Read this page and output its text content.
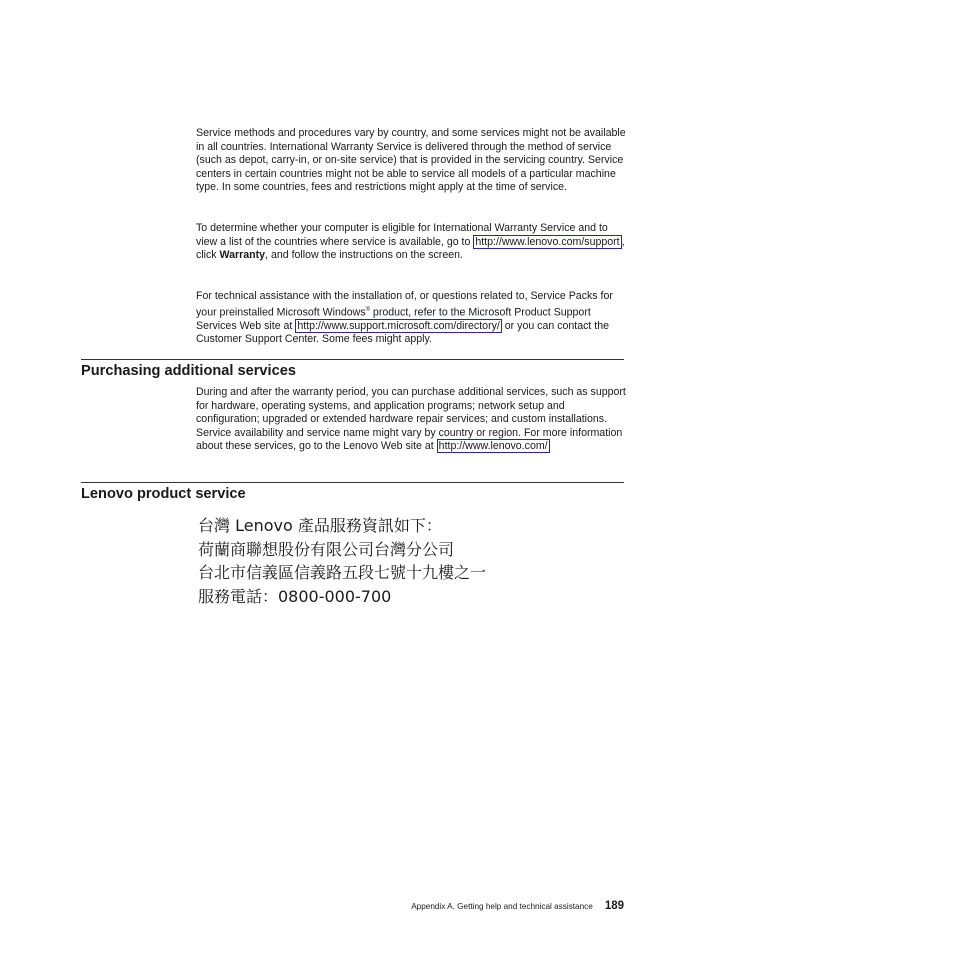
Service methods and procedures vary by country, and some services might not be available in all countries. International Warranty Service is delivered through the method of service (such as depot, carry-in, or on-site service) that is provided in the servicing country. Service centers in certain countries might not be able to service all models of a particular machine type. In some countries, fees and restrictions might apply at the time of service.

To determine whether your computer is eligible for International Warranty Service and to view a list of the countries where service is available, go to http://www.lenovo.com/support , click Warranty, and follow the instructions on the screen.

For technical assistance with the installation of, or questions related to, Service Packs for your preinstalled Microsoft Windows® product, refer to the Microsoft Product Support Services Web site at http://www.support.microsoft.com/directory/ or you can contact the Customer Support Center. Some fees might apply.

Purchasing additional services

During and after the warranty period, you can purchase additional services, such as support for hardware, operating systems, and application programs; network setup and configuration; upgraded or extended hardware repair services; and custom installations. Service availability and service name might vary by country or region. For more information about these services, go to the Lenovo Web site at http://www.lenovo.com/

Lenovo product service
台灣 Lenovo 產品服務資訊如下：
荷蘭商聯想股份有限公司台灣分公司
台北市信義區信義路五段七號十九樓之一
服務電話：0800-000-700
Appendix A. Getting help and technical assistance 189
